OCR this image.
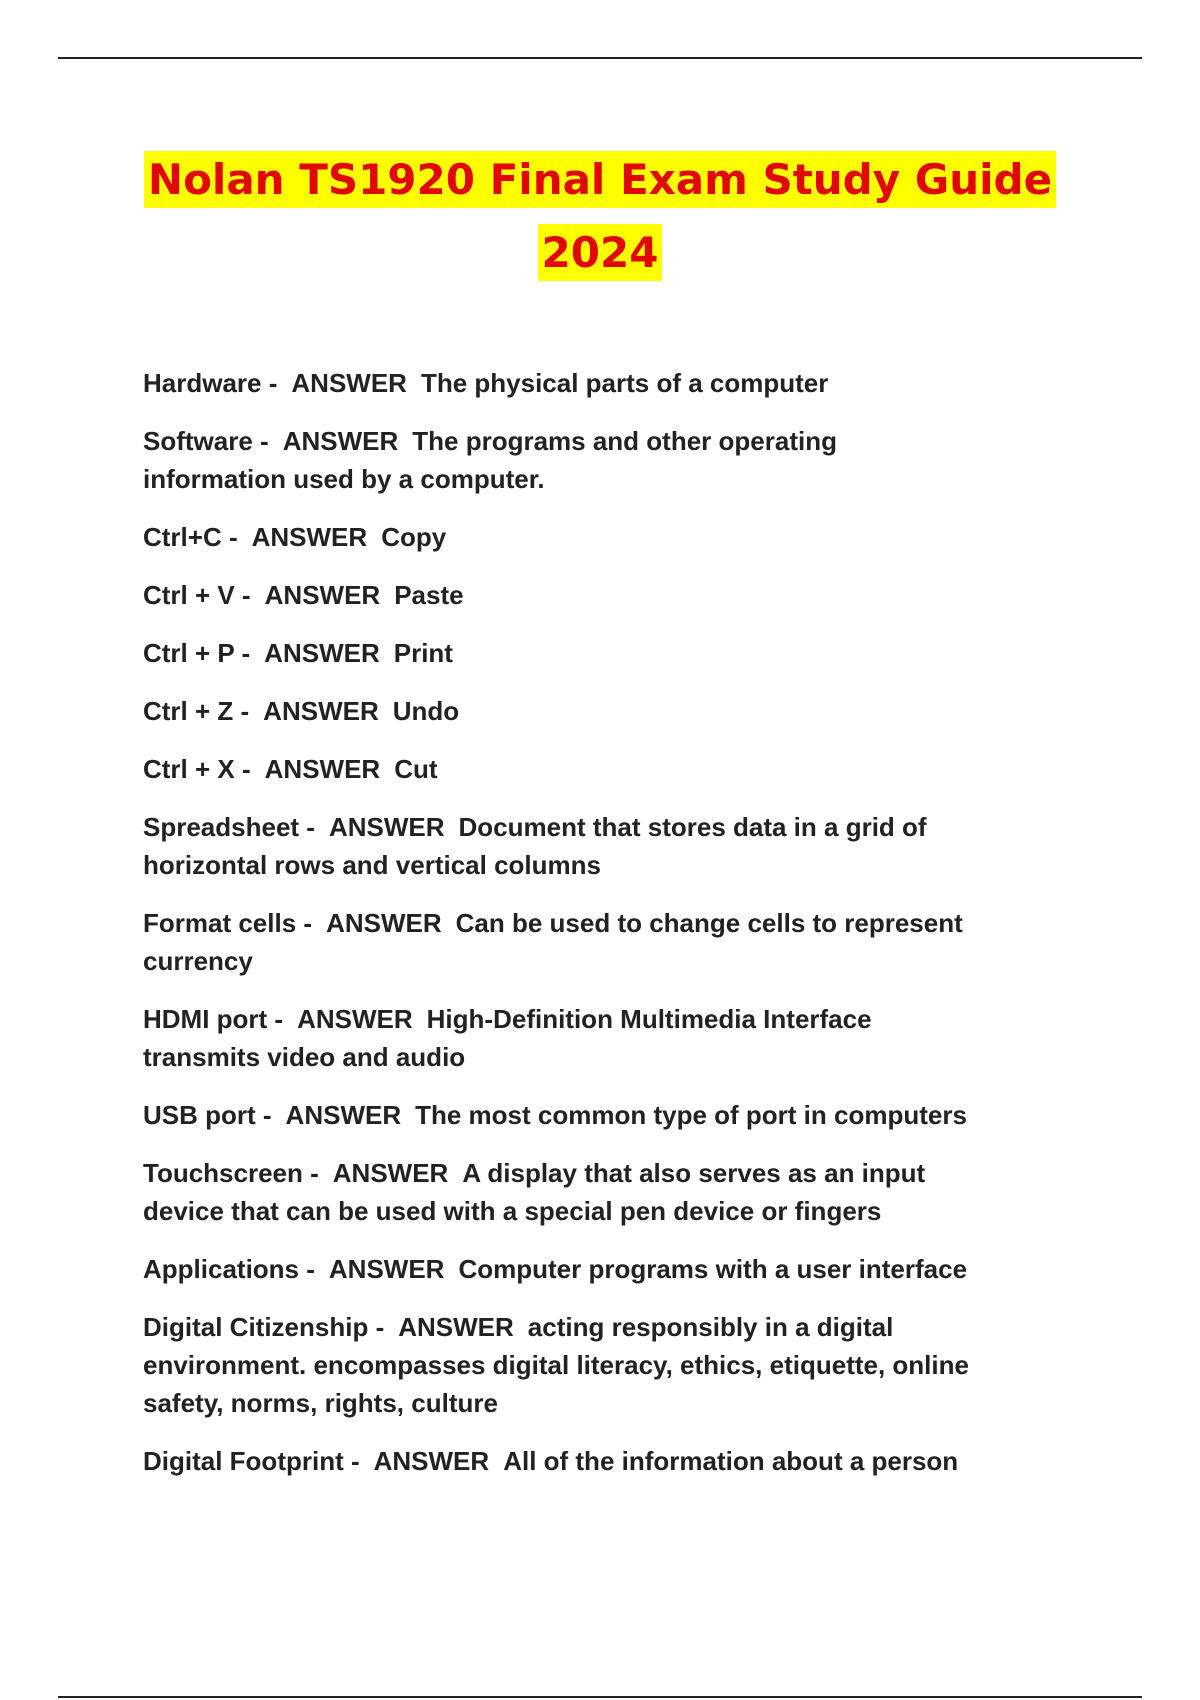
Nolan TS1920 Final Exam Study Guide
2024

Hardware - ANSWER The physical parts of a computer

Software - ANSWER The programs and other operating
information used by a computer.

Ctrl+C - ANSWER Copy

Ctrl + V - ANSWER Paste

Ctrl + P - ANSWER Print

Ctrl + Z - ANSWER Undo

Ctrl + X - ANSWER Cut

Spreadsheet - ANSWER Document that stores data in a grid of
horizontal rows and vertical columns

Format cells - ANSWER Can be used to change cells to represent
currency

HDMI port - ANSWER High-Definition Multimedia Interface
transmits video and audio

USB port - ANSWER The most common type of port in computers

Touchscreen - ANSWER A display that also serves as an input
device that can be used with a special pen device or fingers

Applications - ANSWER Computer programs with a user interface

Digital Citizenship - ANSWER acting responsibly in a digital
environment. encompasses digital literacy, ethics, etiquette, online
safety, norms, rights, culture

Digital Footprint - ANSWER All of the information about a person
